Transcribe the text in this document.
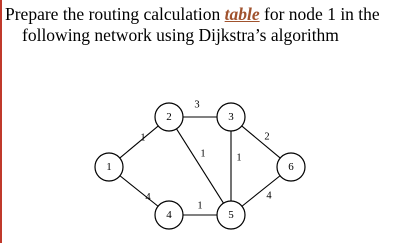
Prepare the routing calculation table for node 1 in the
following network using Dijkstra’s algorithm
1
3
4
1	1
2
1
4
1
2	3
4	5
6
